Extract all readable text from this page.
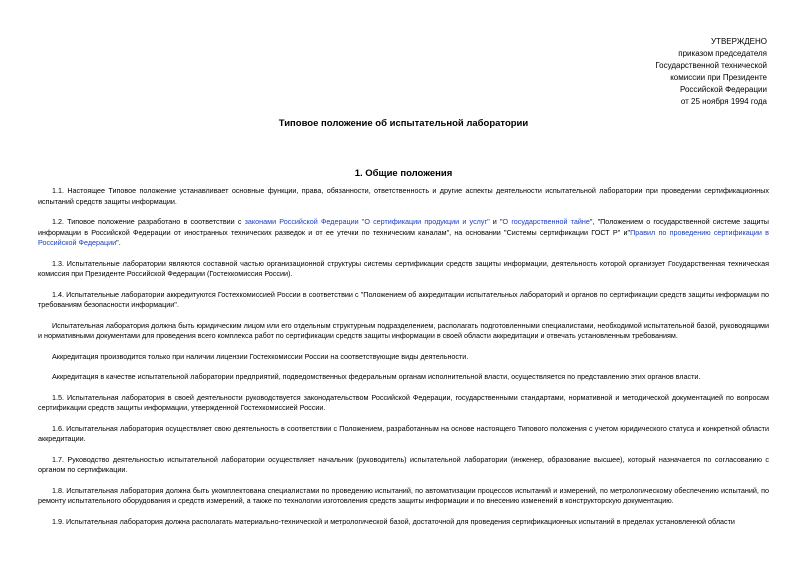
УТВЕРЖДЕНО
приказом председателя
Государственной технической
комиссии при Президенте
Российской Федерации
от 25 ноября 1994 года
Типовое положение об испытательной лаборатории
1. Общие положения

1.1. Настоящее Типовое положение устанавливает основные функции, права, обязанности, ответственность и другие аспекты деятельности испытательной лаборатории при проведении сертификационных испытаний средств защиты информации.

1.2. Типовое положение разработано в соответствии с законами Российской Федерации "О сертификации продукции и услуг" и "О государственной тайне", "Положением о государственной системе защиты информации в Российской Федерации от иностранных технических разведок и от ее утечки по техническим каналам", на основании "Системы сертификации ГОСТ Р" и"Правил по проведению сертификации в Российской Федерации".

1.3. Испытательные лаборатории являются составной частью организационной структуры системы сертификации средств защиты информации, деятельность которой организует Государственная техническая комиссия при Президенте Российской Федерации (Гостехкомиссия России).

1.4. Испытательные лаборатории аккредитуются Гостехкомиссией России в соответствии с "Положением об аккредитации испытательных лабораторий и органов по сертификации средств защиты информации по требованиям безопасности информации".

Испытательная лаборатория должна быть юридическим лицом или его отдельным структурным подразделением, располагать подготовленными специалистами, необходимой испытательной базой, руководящими и нормативными документами для проведения всего комплекса работ по сертификации средств защиты информации в своей области аккредитации и отвечать установленным требованиям.

Аккредитация производится только при наличии лицензии Гостехкомиссии России на соответствующие виды деятельности.

Аккредитация в качестве испытательной лаборатории предприятий, подведомственных федеральным органам исполнительной власти, осуществляется по представлению этих органов власти.

1.5. Испытательная лаборатория в своей деятельности руководствуется законодательством Российской Федерации, государственными стандартами, нормативной и методической документацией по вопросам сертификации средств защиты информации, утвержденной Гостехкомиссией России.

1.6. Испытательная лаборатория осуществляет свою деятельность в соответствии с Положением, разработанным на основе настоящего Типового положения с учетом юридического статуса и конкретной области аккредитации.

1.7. Руководство деятельностью испытательной лаборатории осуществляет начальник (руководитель) испытательной лаборатории (инженер, образование высшее), который назначается по согласованию с органом по сертификации.

1.8. Испытательная лаборатория должна быть укомплектована специалистами по проведению испытаний, по автоматизации процессов испытаний и измерений, по метрологическому обеспечению испытаний, по ремонту испытательного оборудования и средств измерений, а также по технологии изготовления средств защиты информации и по внесению изменений в конструкторскую документацию.

1.9. Испытательная лаборатория должна располагать материально-технической и метрологической базой, достаточной для проведения сертификационных испытаний в пределах установленной области
